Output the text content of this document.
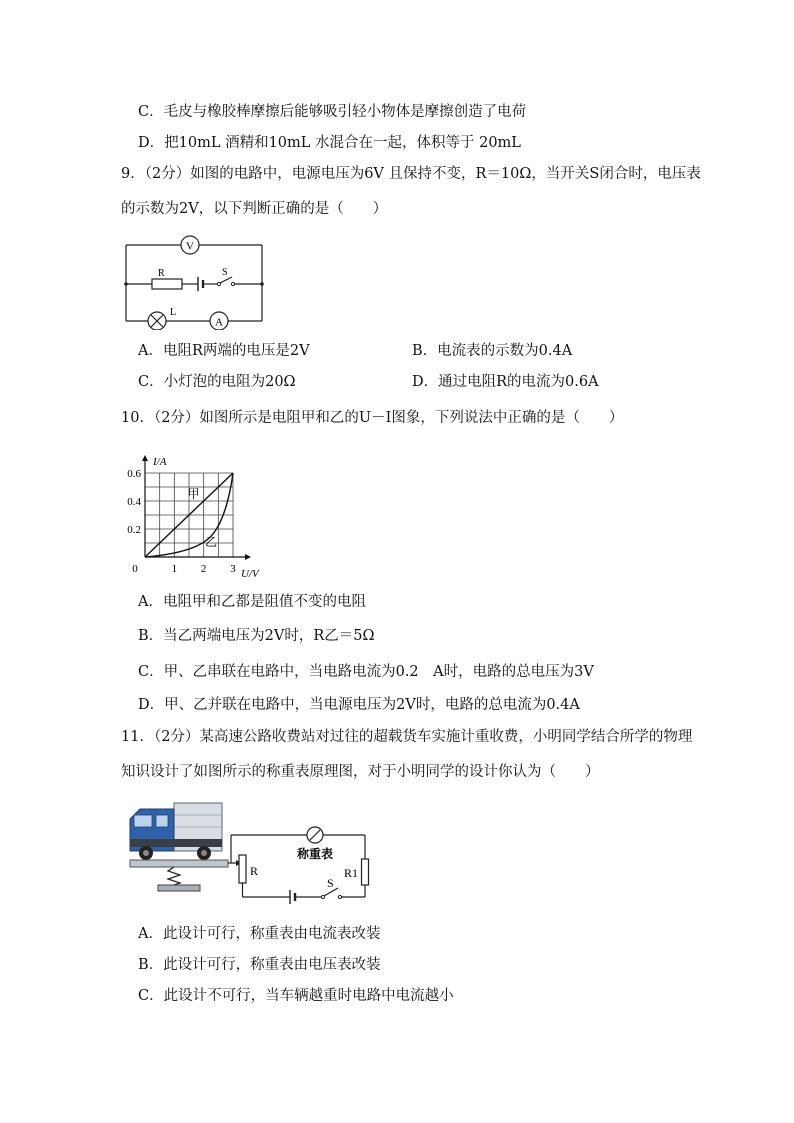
C．毛皮与橡胶棒摩擦后能够吸引轻小物体是摩擦创造了电荷
D．把10mL 酒精和10mL 水混合在一起，体积等于 20mL
9．（2分）如图的电路中，电源电压为6V 且保持不变，R＝10Ω，当开关S闭合时，电压表
的示数为2V，以下判断正确的是（　　）
V
R	S
L
A
A．电阻R两端的电压是2V	B．电流表的示数为0.4A
C．小灯泡的电阻为20Ω	D．通过电阻R的电流为0.6A
10．（2分）如图所示是电阻甲和乙的U－I图象，下列说法中正确的是（　　）
0	1 2 3
0.2
0.4
0.6
U/V
I/A
甲
乙
A．电阻甲和乙都是阻值不变的电阻
B．当乙两端电压为2V时，R乙＝5Ω
C．甲、乙串联在电路中，当电路电流为0.2　A时，电路的总电压为3V
D．甲、乙并联在电路中，当电源电压为2V时，电路的总电流为0.4A
11．（2分）某高速公路收费站对过往的超载货车实施计重收费，小明同学结合所学的物理
知识设计了如图所示的称重表原理图，对于小明同学的设计你认为（　　）
R
S
R1
称重表
A．此设计可行，称重表由电流表改装
B．此设计可行，称重表由电压表改装
C．此设计不可行，当车辆越重时电路中电流越小
